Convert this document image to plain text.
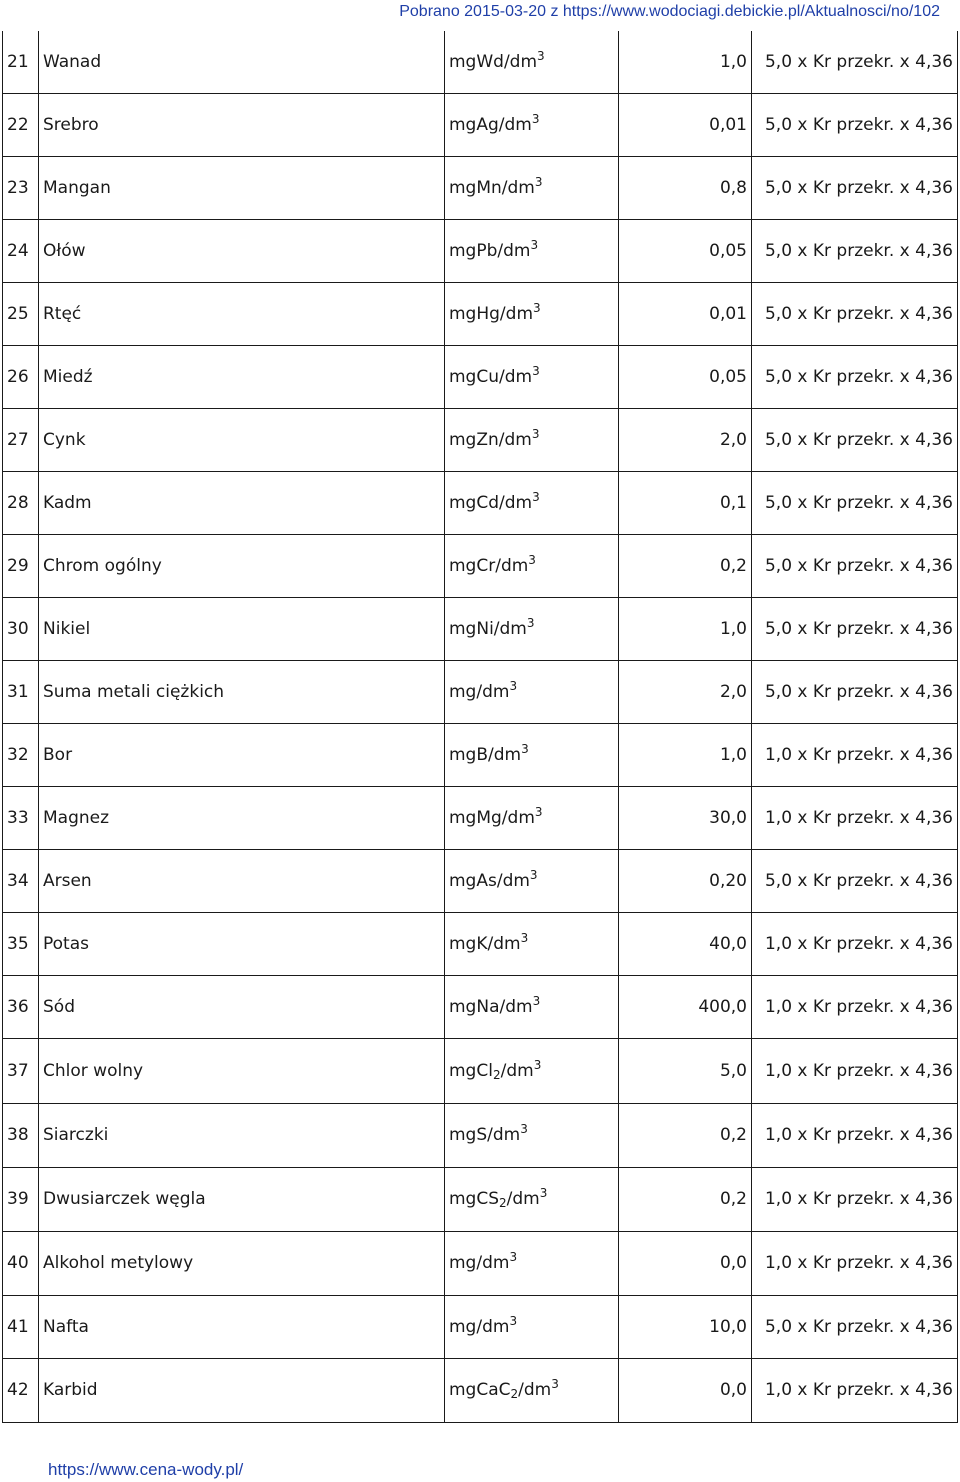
Pobrano 2015-03-20 z https://www.wodociagi.debickie.pl/Aktualnosci/no/102
21	Wanad	mgWd/$dm^3$	1,0	5,0 x Kr przekr. x 4,36
22	Srebro	mgAg/$dm^3$	0,01	5,0 x Kr przekr. x 4,36
23	Mangan	mgMn/$dm^3$	0,8	5,0 x Kr przekr. x 4,36
24	Ołów	mgPb/$dm^3$	0,05	5,0 x Kr przekr. x 4,36
25	Rtęć	mgHg/$dm^3$	0,01	5,0 x Kr przekr. x 4,36
26	Miedź	mgCu/$dm^3$	0,05	5,0 x Kr przekr. x 4,36
27	Cynk	mgZn/$dm^3$	2,0	5,0 x Kr przekr. x 4,36
28	Kadm	mgCd/$dm^3$	0,1	5,0 x Kr przekr. x 4,36
29	Chrom ogólny	mgCr/$dm^3$	0,2	5,0 x Kr przekr. x 4,36
30	Nikiel	mgNi/$dm^3$	1,0	5,0 x Kr przekr. x 4,36
31	Suma metali ciężkich	$mg/dm^3$	2,0	5,0 x Kr przekr. x 4,36
32	Bor	mgB/$dm^3$	1,0	1,0 x Kr przekr. x 4,36
33	Magnez	mgMg/$dm^3$	30,0	1,0 x Kr przekr. x 4,36
34	Arsen	mgAs/$dm^3$	0,20	5,0 x Kr przekr. x 4,36
35	Potas	mgK/$dm^3$	40,0	1,0 x Kr przekr. x 4,36
36	Sód	mgNa/$dm^3$	400,0	1,0 x Kr przekr. x 4,36
37	Chlor wolny	$mgCl_2/dm^3$	5,0	1,0 x Kr przekr. x 4,36
38	Siarczki	mgS/$dm^3$	0,2	1,0 x Kr przekr. x 4,36
39	Dwusiarczek węgla	$mgCS_2/dm^3$	0,2	1,0 x Kr przekr. x 4,36
40	Alkohol metylowy	$mg/dm^3$	0,0	1,0 x Kr przekr. x 4,36
41	Nafta	$mg/dm^3$	10,0	5,0 x Kr przekr. x 4,36
42	Karbid	$mgCaC_2/dm^3$	0,0	1,0 x Kr przekr. x 4,36
https://www.cena-wody.pl/
